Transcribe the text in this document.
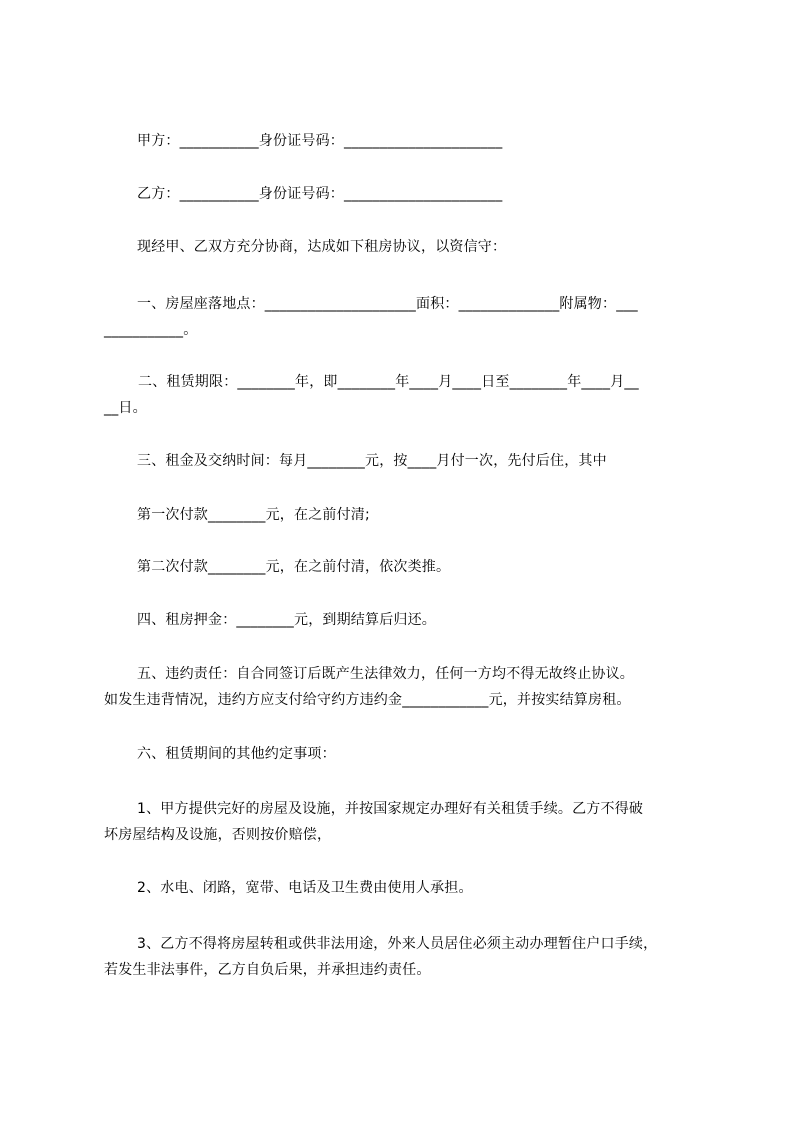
甲方：___________身份证号码：______________________
乙方：___________身份证号码：______________________
现经甲、乙双方充分协商，达成如下租房协议，以资信守：
一、房屋座落地点：_____________________面积：______________附属物：___
___________。
二、租赁期限：________年，即________年____月____日至________年____月__
__日。
三、租金及交纳时间：每月________元，按____月付一次，先付后住，其中
第一次付款________元，在之前付清;
第二次付款________元，在之前付清，依次类推。
四、租房押金：________元，到期结算后归还。
五、违约责任：自合同签订后既产生法律效力，任何一方均不得无故终止协议。
如发生违背情况，违约方应支付给守约方违约金____________元，并按实结算房租。
六、租赁期间的其他约定事项：
1、甲方提供完好的房屋及设施，并按国家规定办理好有关租赁手续。乙方不得破
坏房屋结构及设施，否则按价赔偿，
2、水电、闭路，宽带、电话及卫生费由使用人承担。
3、乙方不得将房屋转租或供非法用途，外来人员居住必须主动办理暂住户口手续，
若发生非法事件，乙方自负后果，并承担违约责任。
